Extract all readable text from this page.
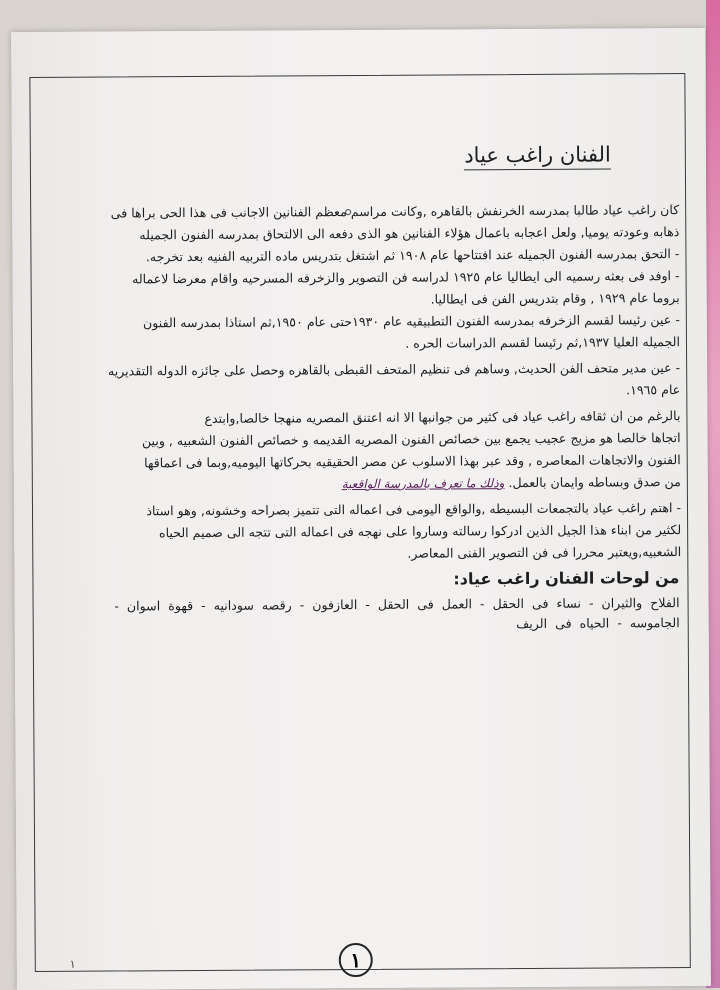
الفنان راغب عياد
كان راغب عياد طالبا بمدرسه الخرنفش بالقاهره ,وكانت مراسم معظم الفنانين الاجانب فى هذا الحى براها فى
ذهابه وعودته يوميا, ولعل اعجابه باعمال هؤلاء الفنانين هو الذى دفعه الى الالتحاق بمدرسه الفنون الجميله
- التحق بمدرسه الفنون الجميله عند افتتاحها عام ١٩٠٨ ثم اشتغل بتدريس ماده التربيه الفنيه بعد تخرجه.
- اوفد فى بعثه رسميه الى ايطاليا عام ١٩٢٥ لدراسه فن التصوير والزخرفه المسرحيه واقام معرضا لاعماله
بروما عام ١٩٢٩ , وقام بتدريس الفن فى ايطاليا.
- عين رئيسا لقسم الزخرفه بمدرسه الفنون التطبيقيه عام ١٩٣٠حتى عام ١٩٥٠,ثم استاذا بمدرسه الفنون
الجميله العليا ١٩٣٧,ثم رئيسا لقسم الدراسات الحره .
- عين مدير متحف الفن الحديث, وساهم فى تنظيم المتحف القبطى بالقاهره وحصل على جائزه الدوله التقديريه
عام ١٩٦٥.
بالرغم من ان ثقافه راغب عياد فى كثير من جوانبها الا انه اعتنق المصريه منهجا خالصا,وابتدع
اتجاها خالصا هو مزيج عجيب يجمع بين خصائص الفنون المصريه القديمه و خصائص الفنون الشعبيه , وبين
الفنون والاتجاهات المعاصره , وقد عبر بهذا الاسلوب عن مصر الحقيقيه بحركاتها اليوميه,وبما فى اعماقها
من صدق وبساطه وايمان بالعمل. وذلك ما تعرف بالمدرسة الواقعية
- اهتم راغب عياد بالتجمعات البسيطه ,والواقع اليومى فى اعماله التى تتميز بصراحه وخشونه, وهو استاذ
لكثير من ابناء هذا الجيل الذين ادركوا رسالته وساروا على نهجه فى اعماله التى تتجه الى صميم الحياه
الشعبيه,ويعتبر محررا فى فن التصوير الفنى المعاصر.
من لوحات الفنان راغب عياد:
الفلاح والثيران - نساء فى الحقل - العمل فى الحقل - العازفون - رقصه سودانيه - قهوة اسوان -
الجاموسه - الحياه فى الريف
١	١
